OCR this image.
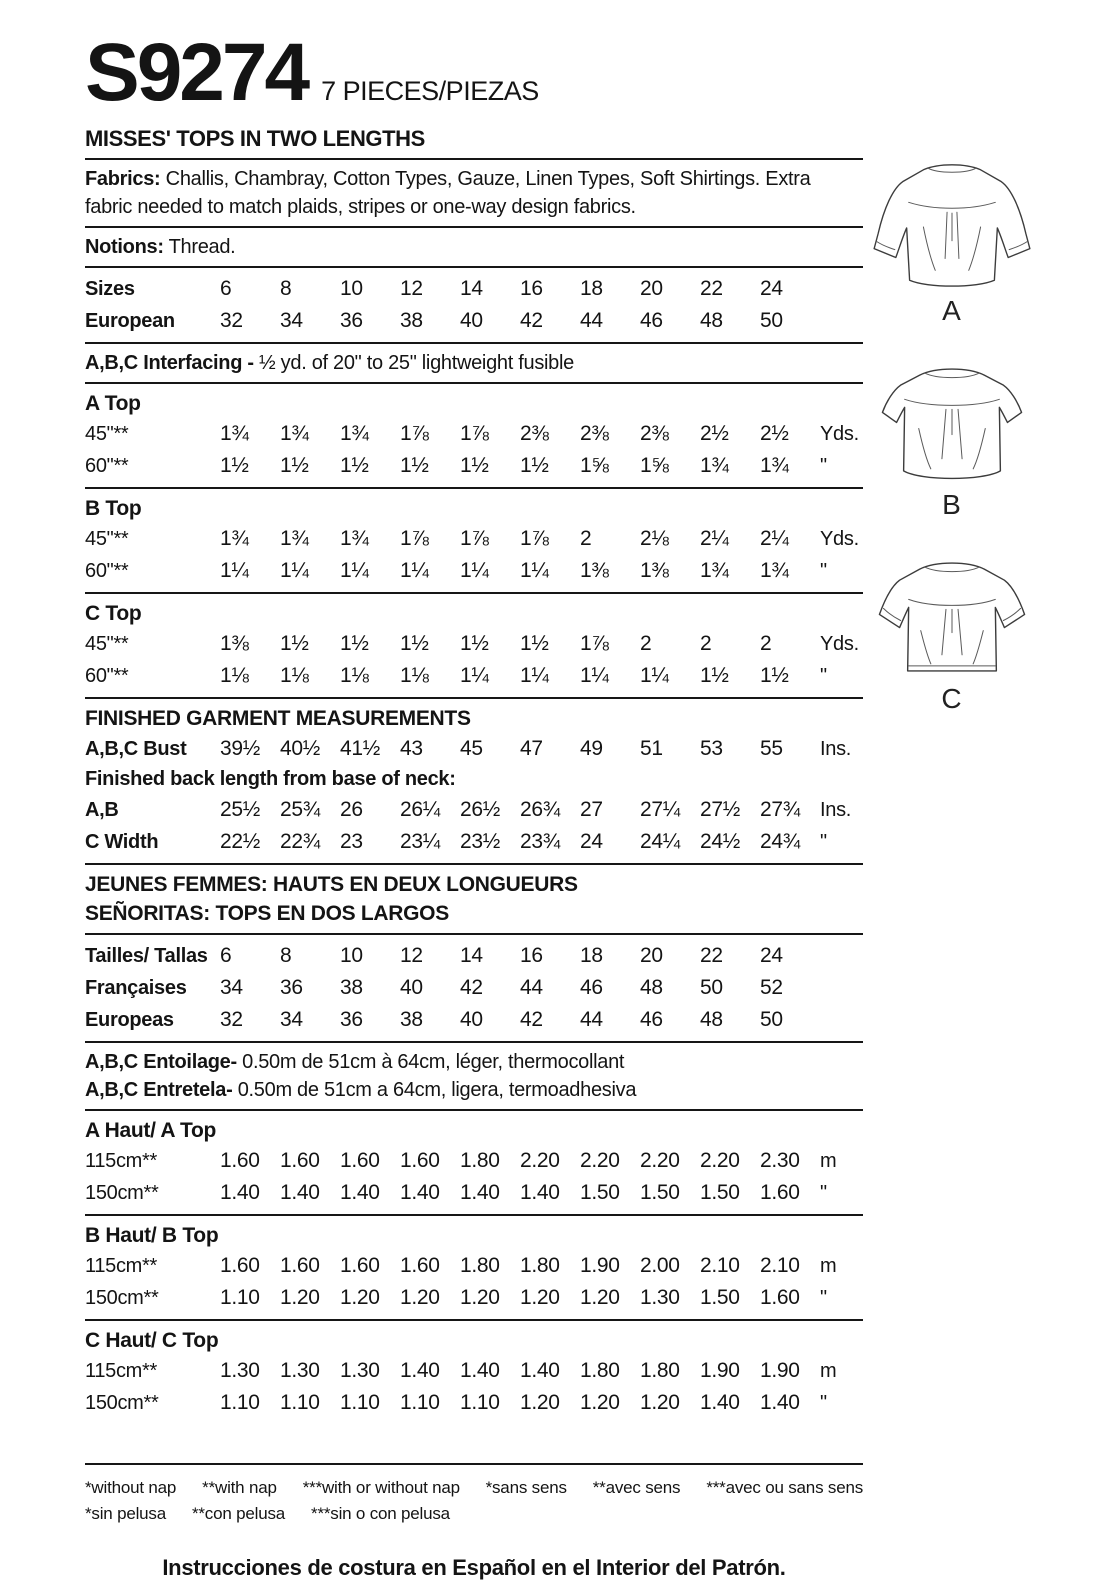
S9274 7 PIECES/PIEZAS
MISSES' TOPS IN TWO LENGTHS

Fabrics: Challis, Chambray, Cotton Types, Gauze, Linen Types, Soft Shirtings. Extra
fabric needed to match plaids, stripes or one-way design fabrics.

Notions: Thread.

Sizes	6	8	10	12	14	16	18	20	22	24
European	32	34	36	38	40	42	44	46	48	50

A,B,C Interfacing - ½ yd. of 20" to 25" lightweight fusible

A Top
45"**	1¾	1¾	1¾	1⅞	1⅞	2⅜	2⅜	2⅜	2½	2½	Yds.
60"**	1½	1½	1½	1½	1½	1½	1⅝	1⅝	1¾	1¾	"
B Top
45"**	1¾	1¾	1¾	1⅞	1⅞	1⅞	2	2⅛	2¼	2¼	Yds.
60"**	1¼	1¼	1¼	1¼	1¼	1¼	1⅜	1⅜	1¾	1¾	"
C Top
45"**	1⅜	1½	1½	1½	1½	1½	1⅞	2	2	2	Yds.
60"**	1⅛	1⅛	1⅛	1⅛	1¼	1¼	1¼	1¼	1½	1½	"
FINISHED GARMENT MEASUREMENTS
A,B,C Bust	39½ 40½ 41½ 43	45	47	49	51	53	55	Ins.
Finished back length from base of neck:
A,B	25½ 25¾ 26	26¼ 26½ 26¾ 27	27¼ 27½ 27¾	Ins.
C Width	22½ 22¾ 23	23¼ 23½ 23¾ 24	24¼ 24½ 24¾	"
JEUNES FEMMES: HAUTS EN DEUX LONGUEURS
SEÑORITAS: TOPS EN DOS LARGOS
Tailles/ Tallas 6	8	10	12	14	16	18	20	22	24
Françaises	34	36	38	40	42	44	46	48	50	52
Europeas	32	34	36	38	40	42	44	46	48	50

A,B,C Entoilage- 0.50m de 51cm à 64cm, léger, thermocollant

A,B,C Entretela- 0.50m de 51cm a 64cm, ligera, termoadhesiva

A Haut/ A Top
115cm**	1.60 1.60 1.60 1.60 1.80 2.20 2.20 2.20 2.20 2.30	m
150cm**	1.40 1.40 1.40 1.40 1.40 1.40 1.50 1.50 1.50 1.60	"
B Haut/ B Top
115cm**	1.60 1.60 1.60 1.60 1.80 1.80 1.90 2.00 2.10 2.10	m
150cm**	1.10 1.20 1.20 1.20 1.20 1.20 1.20 1.30 1.50 1.60	"
C Haut/ C Top
115cm**	1.30 1.30 1.30 1.40 1.40 1.40 1.80 1.80 1.90 1.90	m
150cm**	1.10 1.10 1.10 1.10 1.10 1.20 1.20 1.20 1.40 1.40	"
*without nap **with nap ***with or without nap *sans sens **avec sens ***avec ou sans sens
*sin pelusa **con pelusa ***sin o con pelusa
Instrucciones de costura en Español en el Interior del Patrón.
A
B
C
